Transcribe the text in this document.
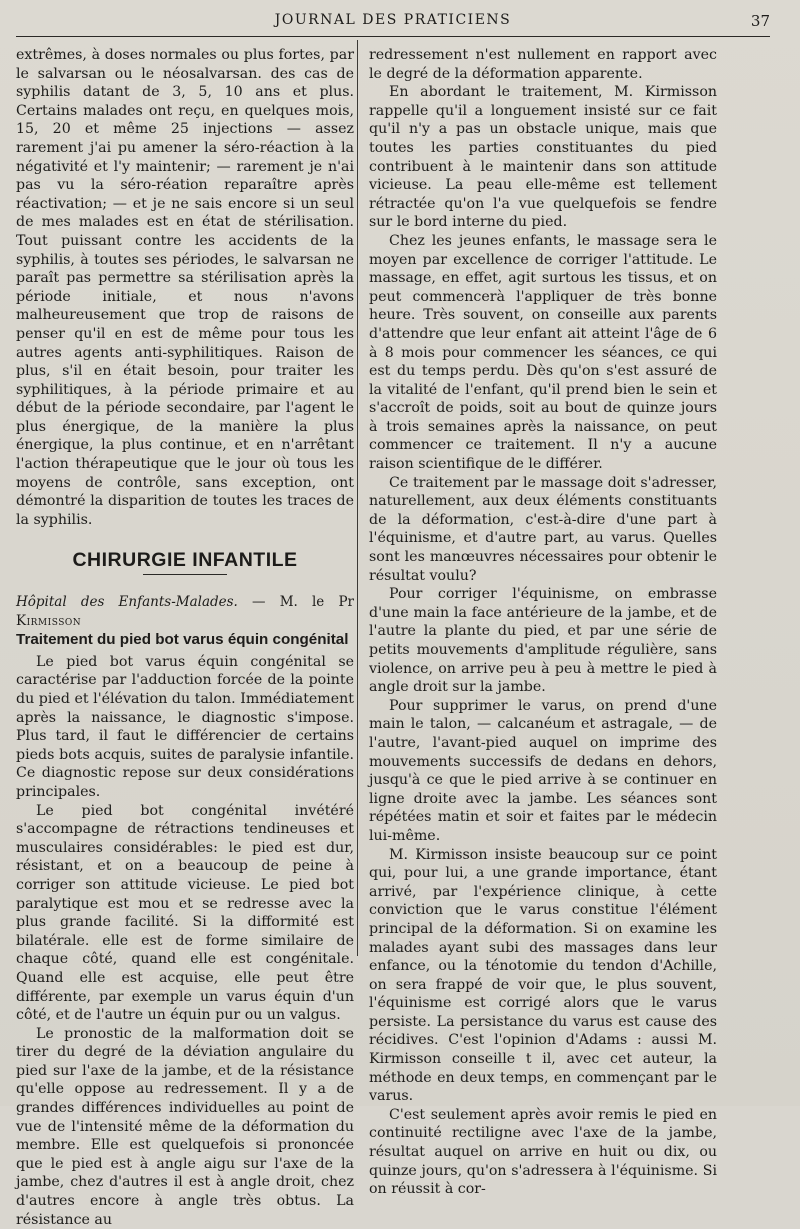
JOURNAL DES PRATICIENS	37

extrêmes, à doses normales ou plus fortes, par le salvarsan ou le néosalvarsan. des cas de syphilis datant de 3, 5, 10 ans et plus. Certains malades ont reçu, en quelques mois, 15, 20 et même 25 injections — assez rarement j'ai pu amener la séro-réaction à la négativité et l'y maintenir; — rarement je n'ai pas vu la séro-réation reparaître après réactivation; — et je ne sais encore si un seul de mes malades est en état de stérilisation. Tout puissant contre les accidents de la syphilis, à toutes ses périodes, le salvarsan ne paraît pas permettre sa stérilisation après la période initiale, et nous n'avons malheureusement que trop de raisons de penser qu'il en est de même pour tous les autres agents anti-syphilitiques. Raison de plus, s'il en était besoin, pour traiter les syphilitiques, à la période primaire et au début de la période secondaire, par l'agent le plus énergique, de la manière la plus énergique, la plus continue, et en n'arrêtant l'action thérapeutique que le jour où tous les moyens de contrôle, sans exception, ont démontré la disparition de toutes les traces de la syphilis.

CHIRURGIE INFANTILE

Hôpital des Enfants-Malades. — M. le Pr Kirmisson

Traitement du pied bot varus équin congénital

Le pied bot varus équin congénital se caractérise par l'adduction forcée de la pointe du pied et l'élévation du talon. Immédiatement après la naissance, le diagnostic s'impose. Plus tard, il faut le différencier de certains pieds bots acquis, suites de paralysie infantile. Ce diagnostic repose sur deux considérations principales.

Le pied bot congénital invétéré s'accompagne de rétractions tendineuses et musculaires considérables: le pied est dur, résistant, et on a beaucoup de peine à corriger son attitude vicieuse. Le pied bot paralytique est mou et se redresse avec la plus grande facilité. Si la difformité est bilatérale. elle est de forme similaire de chaque côté, quand elle est congénitale. Quand elle est acquise, elle peut être différente, par exemple un varus équin d'un côté, et de l'autre un équin pur ou un valgus.

Le pronostic de la malformation doit se tirer du degré de la déviation angulaire du pied sur l'axe de la jambe, et de la résistance qu'elle oppose au redressement. Il y a de grandes différences individuelles au point de vue de l'intensité même de la déformation du membre. Elle est quelquefois si prononcée que le pied est à angle aigu sur l'axe de la jambe, chez d'autres il est à angle droit, chez d'autres encore à angle très obtus. La résistance au

redressement n'est nullement en rapport avec le degré de la déformation apparente.

En abordant le traitement, M. Kirmisson rappelle qu'il a longuement insisté sur ce fait qu'il n'y a pas un obstacle unique, mais que toutes les parties constituantes du pied contribuent à le maintenir dans son attitude vicieuse. La peau elle-même est tellement rétractée qu'on l'a vue quelquefois se fendre sur le bord interne du pied.

Chez les jeunes enfants, le massage sera le moyen par excellence de corriger l'attitude. Le massage, en effet, agit surtous les tissus, et on peut commencerà l'appliquer de très bonne heure. Très souvent, on conseille aux parents d'attendre que leur enfant ait atteint l'âge de 6 à 8 mois pour commencer les séances, ce qui est du temps perdu. Dès qu'on s'est assuré de la vitalité de l'enfant, qu'il prend bien le sein et s'accroît de poids, soit au bout de quinze jours à trois semaines après la naissance, on peut commencer ce traitement. Il n'y a aucune raison scientifique de le différer.

Ce traitement par le massage doit s'adresser, naturellement, aux deux éléments constituants de la déformation, c'est-à-dire d'une part à l'équinisme, et d'autre part, au varus. Quelles sont les manœuvres nécessaires pour obtenir le résultat voulu?

Pour corriger l'équinisme, on embrasse d'une main la face antérieure de la jambe, et de l'autre la plante du pied, et par une série de petits mouvements d'amplitude régulière, sans violence, on arrive peu à peu à mettre le pied à angle droit sur la jambe.

Pour supprimer le varus, on prend d'une main le talon, — calcanéum et astragale, — de l'autre, l'avant-pied auquel on imprime des mouvements successifs de dedans en dehors, jusqu'à ce que le pied arrive à se continuer en ligne droite avec la jambe. Les séances sont répétées matin et soir et faites par le médecin lui-même.

M. Kirmisson insiste beaucoup sur ce point qui, pour lui, a une grande importance, étant arrivé, par l'expérience clinique, à cette conviction que le varus constitue l'élément principal de la déformation. Si on examine les malades ayant subi des massages dans leur enfance, ou la ténotomie du tendon d'Achille, on sera frappé de voir que, le plus souvent, l'équinisme est corrigé alors que le varus persiste. La persistance du varus est cause des récidives. C'est l'opinion d'Adams : aussi M. Kirmisson conseille t il, avec cet auteur, la méthode en deux temps, en commençant par le varus.

C'est seulement après avoir remis le pied en continuité rectiligne avec l'axe de la jambe, résultat auquel on arrive en huit ou dix, ou quinze jours, qu'on s'adressera à l'équinisme. Si on réussit à cor-
